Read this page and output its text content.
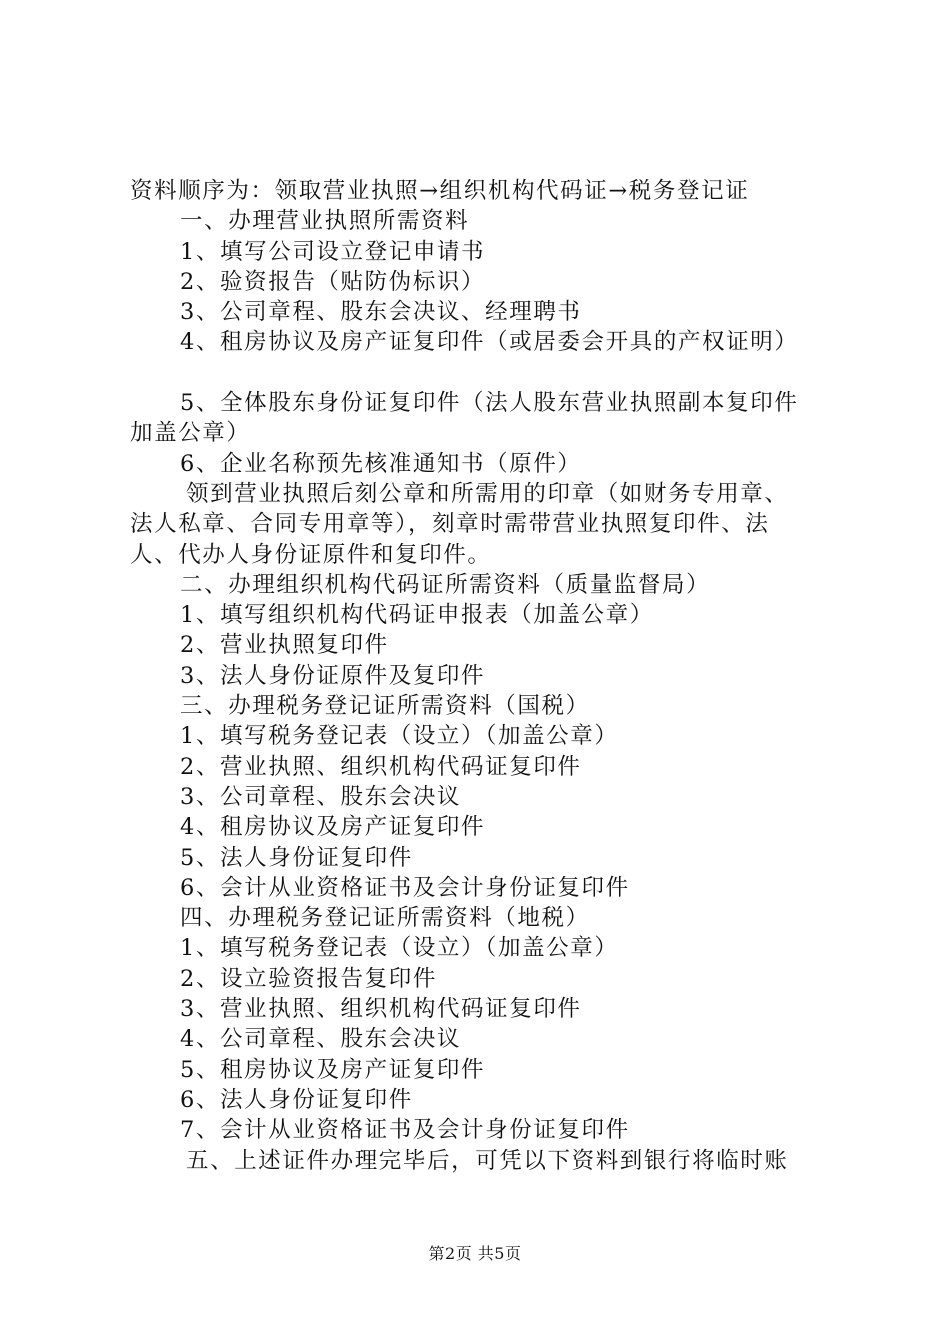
资料顺序为：领取营业执照→组织机构代码证→税务登记证
一、办理营业执照所需资料
1、填写公司设立登记申请书
2、验资报告（贴防伪标识）
3、公司章程、股东会决议、经理聘书
4、租房协议及房产证复印件（或居委会开具的产权证明）
5、全体股东身份证复印件（法人股东营业执照副本复印件
加盖公章）
6、企业名称预先核准通知书（原件）
领到营业执照后刻公章和所需用的印章（如财务专用章、
法人私章、合同专用章等），刻章时需带营业执照复印件、法
人、代办人身份证原件和复印件。
二、办理组织机构代码证所需资料（质量监督局）
1、填写组织机构代码证申报表（加盖公章）
2、营业执照复印件
3、法人身份证原件及复印件
三、办理税务登记证所需资料（国税）
1、填写税务登记表（设立）（加盖公章）
2、营业执照、组织机构代码证复印件
3、公司章程、股东会决议
4、租房协议及房产证复印件
5、法人身份证复印件
6、会计从业资格证书及会计身份证复印件
四、办理税务登记证所需资料（地税）
1、填写税务登记表（设立）（加盖公章）
2、设立验资报告复印件
3、营业执照、组织机构代码证复印件
4、公司章程、股东会决议
5、租房协议及房产证复印件
6、法人身份证复印件
7、会计从业资格证书及会计身份证复印件
五、上述证件办理完毕后，可凭以下资料到银行将临时账
第2页 共5页
